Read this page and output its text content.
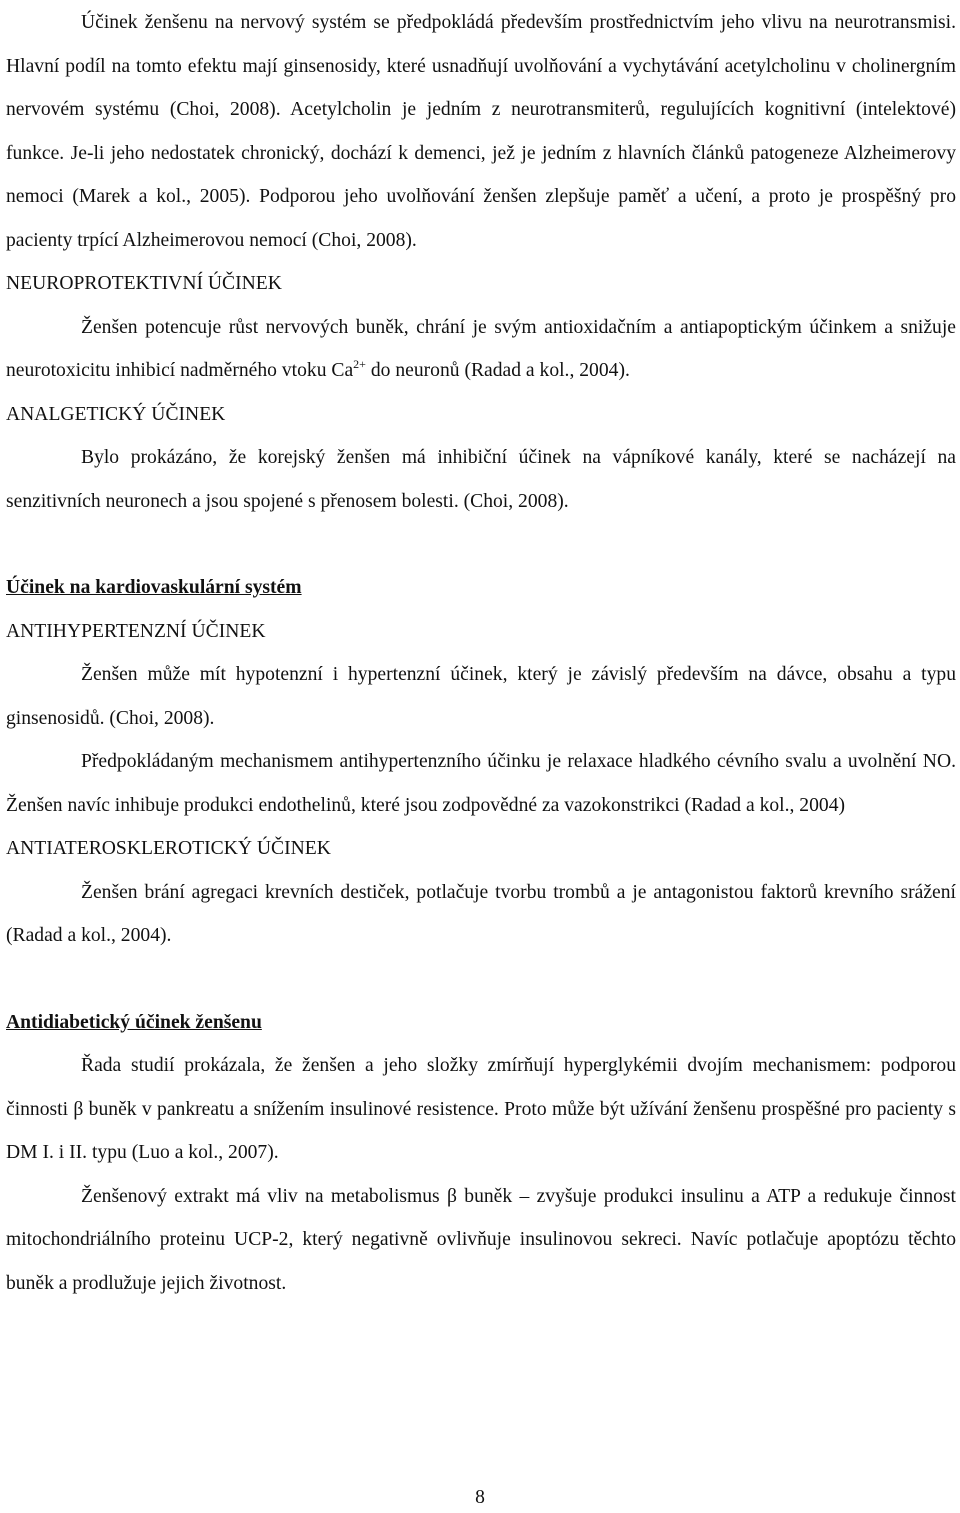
Účinek ženšenu na nervový systém se předpokládá především prostřednictvím jeho vlivu na neurotransmisi. Hlavní podíl na tomto efektu mají ginsenosidy, které usnadňují uvolňování a vychytávání acetylcholinu v cholinergním nervovém systému (Choi, 2008). Acetylcholin je jedním z neurotransmiterů, regulujících kognitivní (intelektové) funkce. Je-li jeho nedostatek chronický, dochází k demenci, jež je jedním z hlavních článků patogeneze Alzheimerovy nemoci (Marek a kol., 2005). Podporou jeho uvolňování ženšen zlepšuje paměť a učení, a proto je prospěšný pro pacienty trpící Alzheimerovou nemocí (Choi, 2008).

NEUROPROTEKTIVNÍ ÚČINEK

Ženšen potencuje růst nervových buněk, chrání je svým antioxidačním a antiapoptickým účinkem a snižuje neurotoxicitu inhibicí nadměrného vtoku $Ca^{2+}$ do neuronů (Radad a kol., 2004).

ANALGETICKÝ ÚČINEK

Bylo prokázáno, že korejský ženšen má inhibiční účinek na vápníkové kanály, které se nacházejí na senzitivních neuronech a jsou spojené s přenosem bolesti. (Choi, 2008).

Účinek na kardiovaskulární systém

ANTIHYPERTENZNÍ ÚČINEK

Ženšen může mít hypotenzní i hypertenzní účinek, který je závislý především na dávce, obsahu a typu ginsenosidů. (Choi, 2008).

Předpokládaným mechanismem antihypertenzního účinku je relaxace hladkého cévního svalu a uvolnění NO. Ženšen navíc inhibuje produkci endothelinů, které jsou zodpovědné za vazokonstrikci (Radad a kol., 2004)

ANTIATEROSKLEROTICKÝ ÚČINEK

Ženšen brání agregaci krevních destiček, potlačuje tvorbu trombů a je antagonistou faktorů krevního srážení (Radad a kol., 2004).

Antidiabetický účinek ženšenu

Řada studií prokázala, že ženšen a jeho složky zmírňují hyperglykémii dvojím mechanismem: podporou činnosti β buněk v pankreatu a snížením insulinové resistence. Proto může být užívání ženšenu prospěšné pro pacienty s DM I. i II. typu (Luo a kol., 2007).

Ženšenový extrakt má vliv na metabolismus β buněk – zvyšuje produkci insulinu a ATP a redukuje činnost mitochondriálního proteinu UCP-2, který negativně ovlivňuje insulinovou sekreci. Navíc potlačuje apoptózu těchto buněk a prodlužuje jejich životnost.

8
